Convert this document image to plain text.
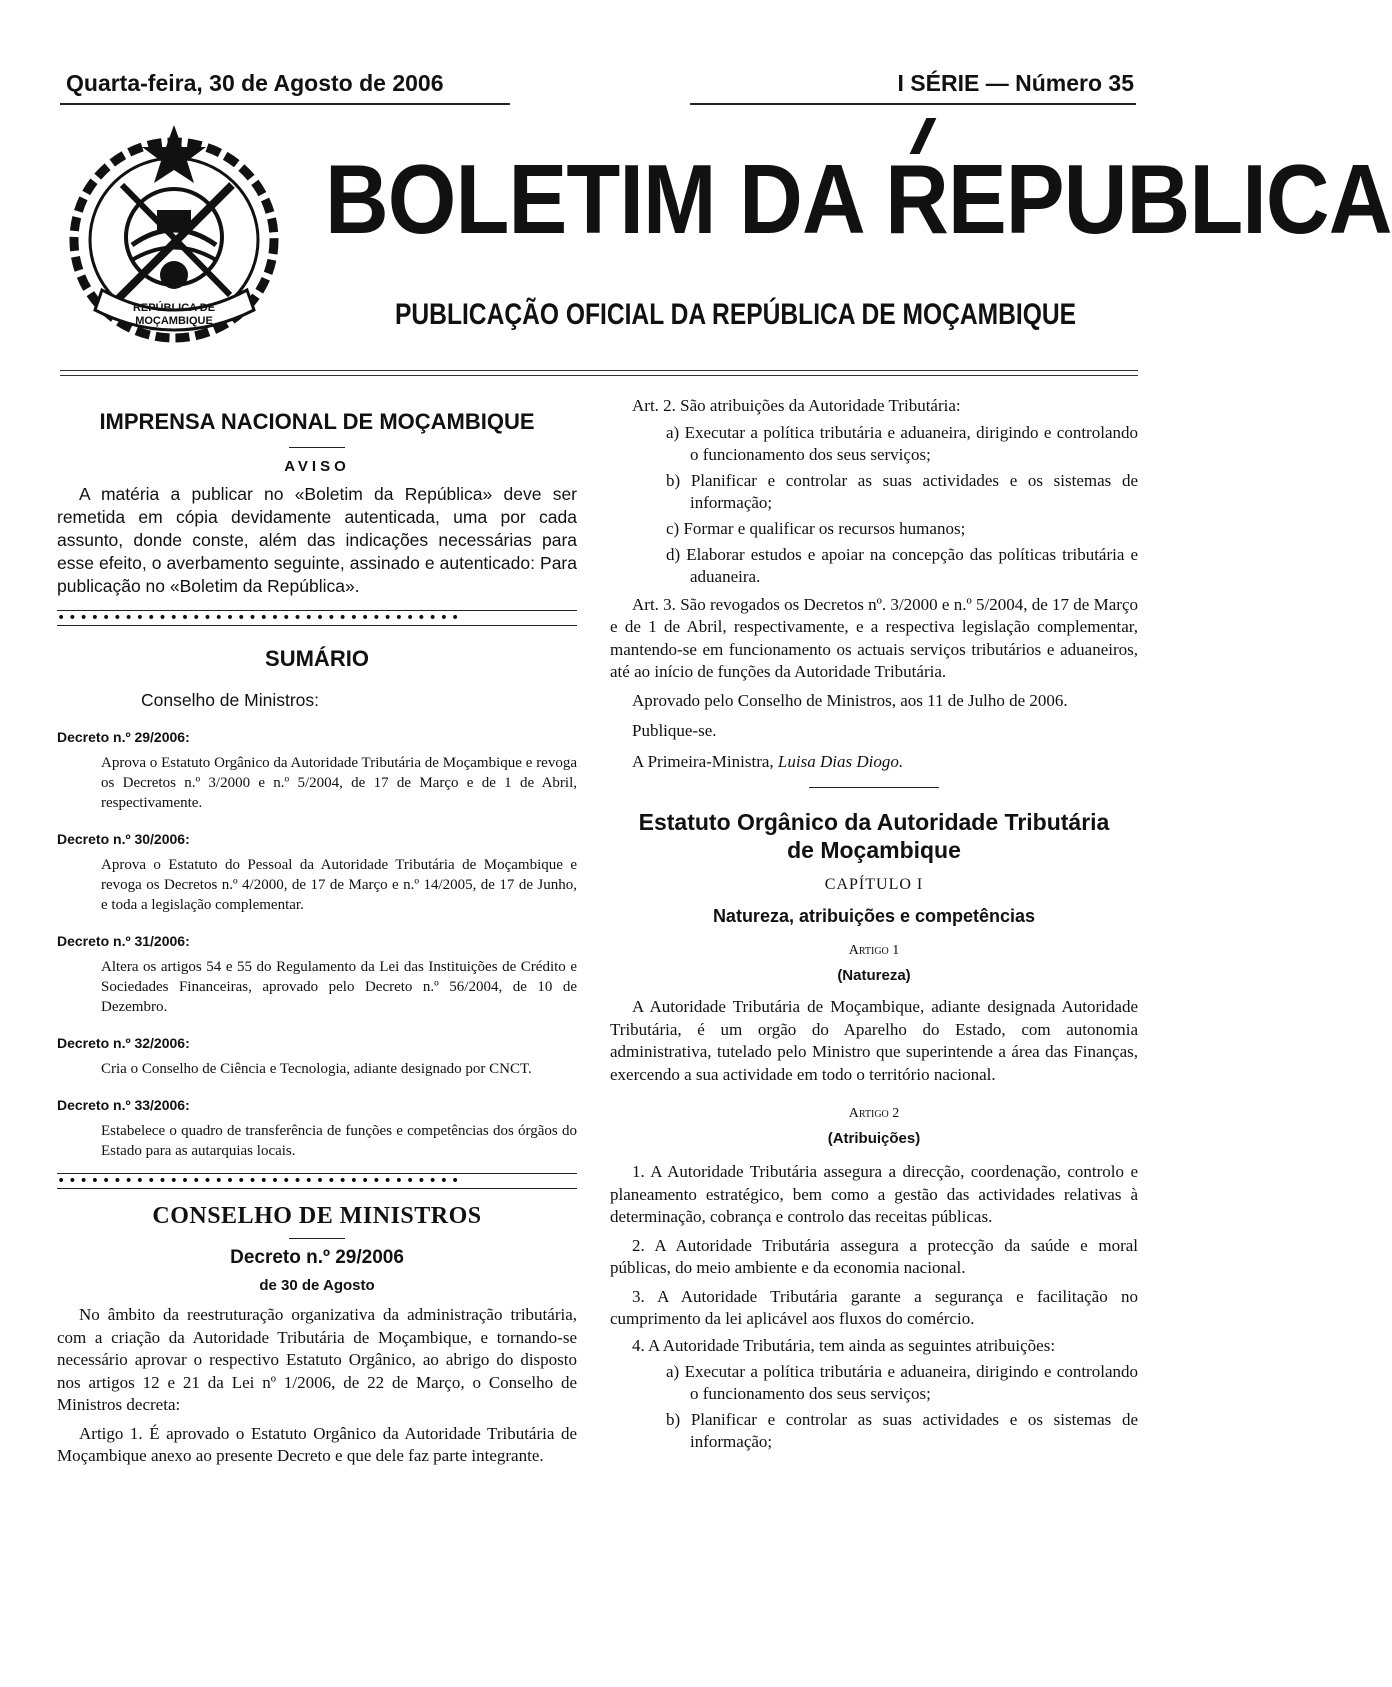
Quarta-feira, 30 de Agosto de 2006	I SÉRIE — Número 35
REPÚBLICA DE
MOÇAMBIQUE
BOLETIM DA REPUBLICA
PUBLICAÇÃO OFICIAL DA REPÚBLICA DE MOÇAMBIQUE
IMPRENSA NACIONAL DE MOÇAMBIQUE
AVISO

A matéria a publicar no «Boletim da República» deve ser remetida em cópia devidamente autenticada, uma por cada assunto, donde conste, além das indicações necessárias para esse efeito, o averbamento seguinte, assinado e autenticado: Para publicação no «Boletim da República».

••••••••••••••••••••••••••••••••••••
SUMÁRIO
Conselho de Ministros:
Decreto n.º 29/2006:

Aprova o Estatuto Orgânico da Autoridade Tributária de Moçambique e revoga os Decretos n.º 3/2000 e n.º 5/2004, de 17 de Março e de 1 de Abril, respectivamente.

Decreto n.º 30/2006:

Aprova o Estatuto do Pessoal da Autoridade Tributária de Moçambique e revoga os Decretos n.º 4/2000, de 17 de Março e n.º 14/2005, de 17 de Junho, e toda a legislação complementar.

Decreto n.º 31/2006:

Altera os artigos 54 e 55 do Regulamento da Lei das Instituições de Crédito e Sociedades Financeiras, aprovado pelo Decreto n.º 56/2004, de 10 de Dezembro.

Decreto n.º 32/2006:

Cria o Conselho de Ciência e Tecnologia, adiante designado por CNCT.

Decreto n.º 33/2006:

Estabelece o quadro de transferência de funções e competências dos órgãos do Estado para as autarquias locais.

••••••••••••••••••••••••••••••••••••
CONSELHO DE MINISTROS
Decreto n.º 29/2006
de 30 de Agosto

No âmbito da reestruturação organizativa da administração tributária, com a criação da Autoridade Tributária de Moçambique, e tornando-se necessário aprovar o respectivo Estatuto Orgânico, ao abrigo do disposto nos artigos 12 e 21 da Lei nº 1/2006, de 22 de Março, o Conselho de Ministros decreta:

Artigo 1. É aprovado o Estatuto Orgânico da Autoridade Tributária de Moçambique anexo ao presente Decreto e que dele faz parte integrante.

Art. 2. São atribuições da Autoridade Tributária:

a) Executar a política tributária e aduaneira, dirigindo e controlando o funcionamento dos seus serviços;

b) Planificar e controlar as suas actividades e os sistemas de informação;

c) Formar e qualificar os recursos humanos;

d) Elaborar estudos e apoiar na concepção das políticas tributária e aduaneira.

Art. 3. São revogados os Decretos nº. 3/2000 e n.º 5/2004, de 17 de Março e de 1 de Abril, respectivamente, e a respectiva legislação complementar, mantendo-se em funcionamento os actuais serviços tributários e aduaneiros, até ao início de funções da Autoridade Tributária.

Aprovado pelo Conselho de Ministros, aos 11 de Julho de 2006.

Publique-se.

A Primeira-Ministra, Luisa Dias Diogo.

Estatuto Orgânico da Autoridade Tributária
de Moçambique
CAPÍTULO I
Natureza, atribuições e competências
Artigo 1
(Natureza)

A Autoridade Tributária de Moçambique, adiante designada Autoridade Tributária, é um orgão do Aparelho do Estado, com autonomia administrativa, tutelado pelo Ministro que superintende a área das Finanças, exercendo a sua actividade em todo o território nacional.

Artigo 2
(Atribuições)

1. A Autoridade Tributária assegura a direcção, coordenação, controlo e planeamento estratégico, bem como a gestão das actividades relativas à determinação, cobrança e controlo das receitas públicas.

2. A Autoridade Tributária assegura a protecção da saúde e moral públicas, do meio ambiente e da economia nacional.

3. A Autoridade Tributária garante a segurança e facilitação no cumprimento da lei aplicável aos fluxos do comércio.

4. A Autoridade Tributária, tem ainda as seguintes atribuições:

a) Executar a política tributária e aduaneira, dirigindo e controlando o funcionamento dos seus serviços;

b) Planificar e controlar as suas actividades e os sistemas de informação;
